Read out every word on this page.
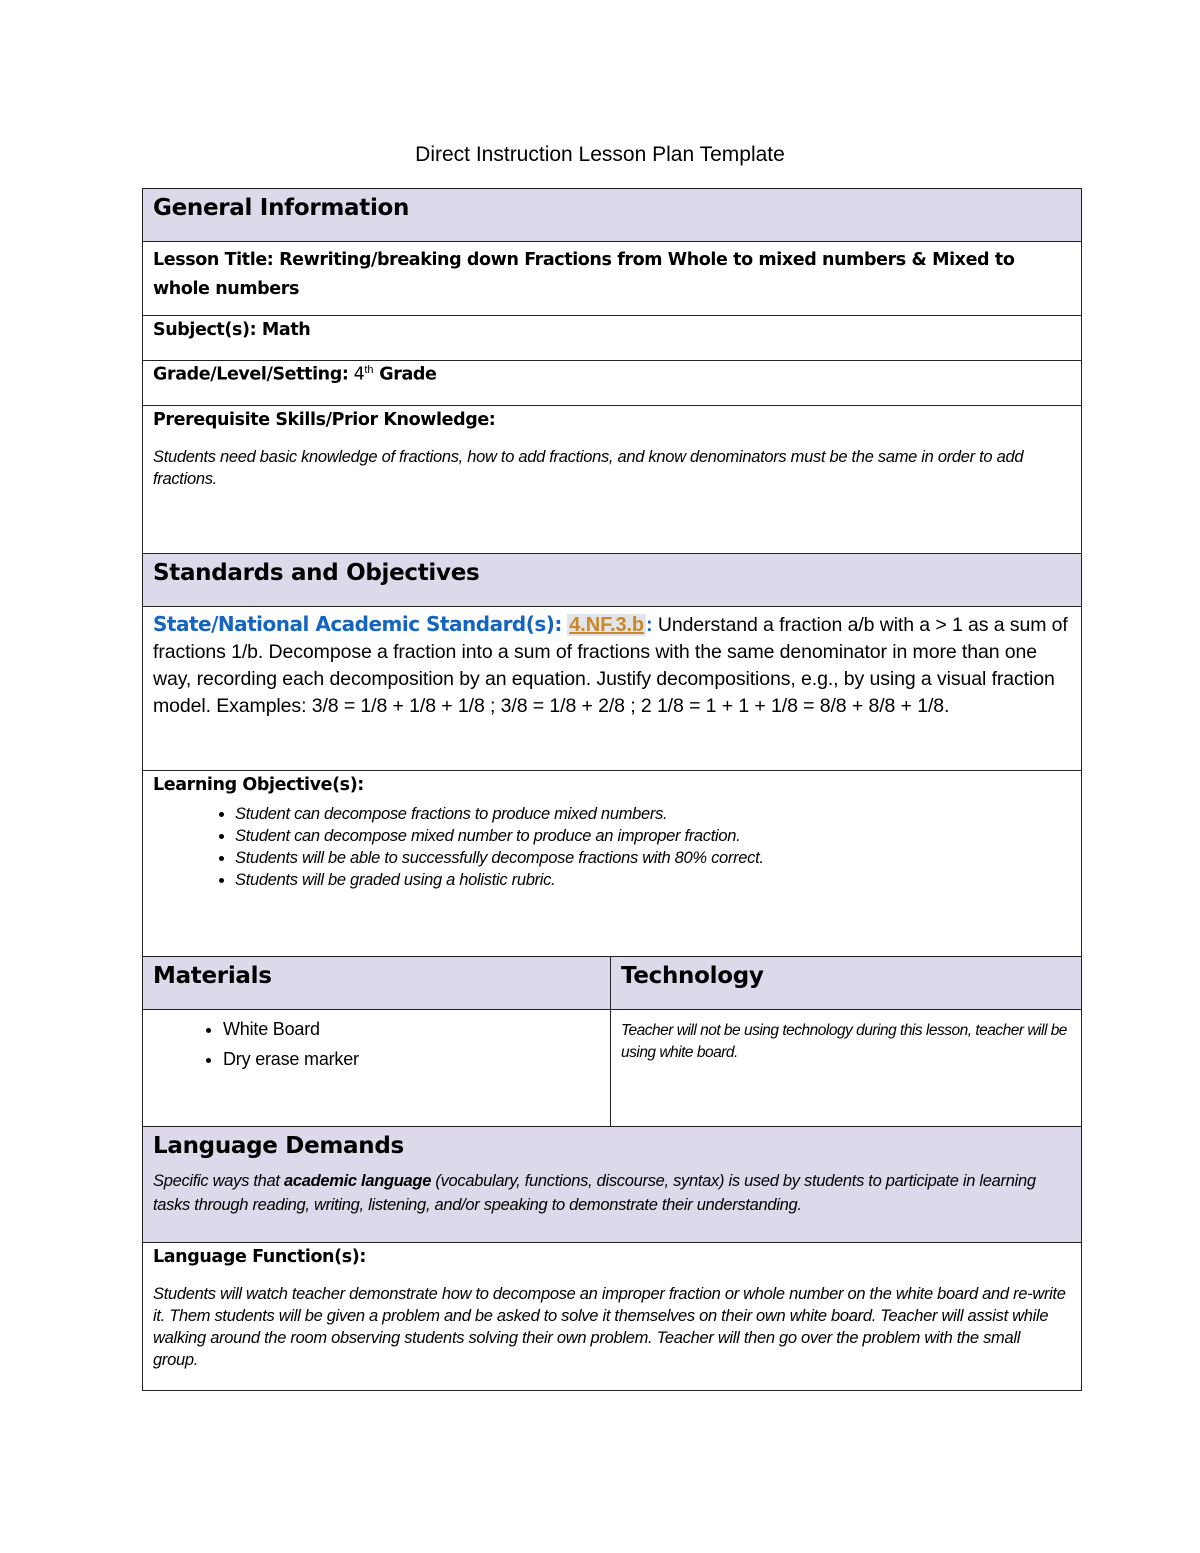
Direct Instruction Lesson Plan Template
General Information
Lesson Title: Rewriting/breaking down Fractions from Whole to mixed numbers & Mixed to whole numbers
Subject(s): Math
Grade/Level/Setting: 4th Grade
Prerequisite Skills/Prior Knowledge:
Students need basic knowledge of fractions, how to add fractions, and know denominators must be the same in order to add fractions.
Standards and Objectives
State/National Academic Standard(s): 4.NF.3.b : Understand a fraction a/b with a > 1 as a sum of fractions 1/b. Decompose a fraction into a sum of fractions with the same denominator in more than one way, recording each decomposition by an equation. Justify decompositions, e.g., by using a visual fraction model. Examples: 3/8 = 1/8 + 1/8 + 1/8 ; 3/8 = 1/8 + 2/8 ; 2 1/8 = 1 + 1 + 1/8 = 8/8 + 8/8 + 1/8.
Learning Objective(s):
• Student can decompose fractions to produce mixed numbers.
• Student can decompose mixed number to produce an improper fraction.
• Students will be able to successfully decompose fractions with 80% correct.
• Students will be graded using a holistic rubric.
Materials	Technology
• White Board
• Dry erase marker
Teacher will not be using technology during this lesson, teacher will be using white board.
Language Demands
Specific ways that academic language (vocabulary, functions, discourse, syntax) is used by students to participate in learning tasks through reading, writing, listening, and/or speaking to demonstrate their understanding.
Language Function(s):
Students will watch teacher demonstrate how to decompose an improper fraction or whole number on the white board and re-write it. Them students will be given a problem and be asked to solve it themselves on their own white board. Teacher will assist while walking around the room observing students solving their own problem. Teacher will then go over the problem with the small group.
